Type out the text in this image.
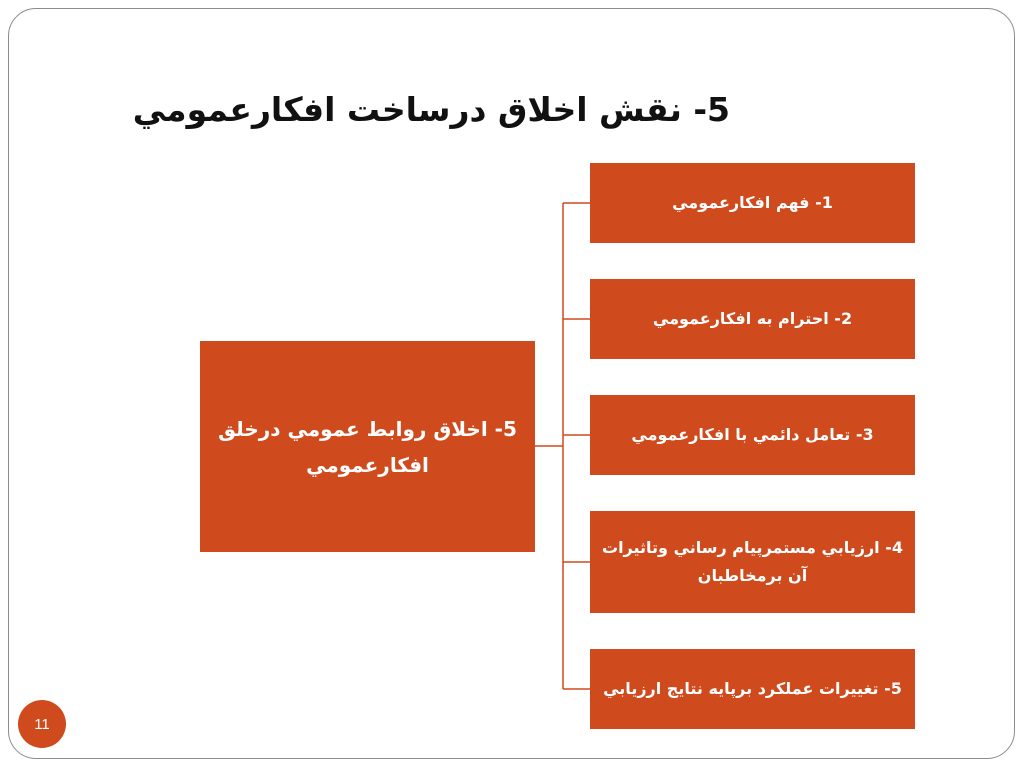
5- نقش اخلاق درساخت افکارعمومي
5- اخلاق روابط عمومي درخلق افکارعمومي
1- فهم افکارعمومي
2- احترام به افکارعمومي
3- تعامل دائمي با افکارعمومي
4- ارزيابي مستمرپيام رساني وتاثيرات آن برمخاطبان
5- تغييرات عملکرد برپايه نتايج ارزيابي
11
